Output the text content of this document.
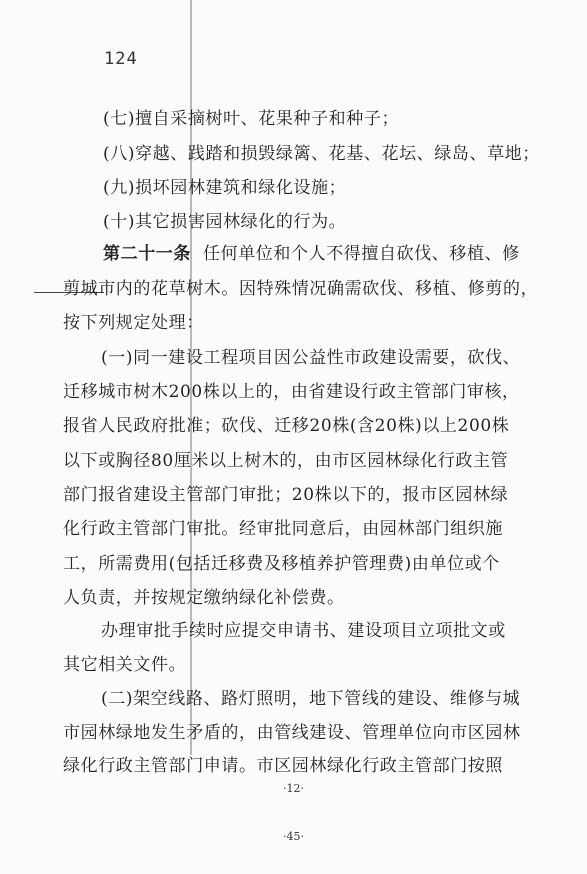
124
(七)擅自采摘树叶、花果种子和种子；
(八)穿越、践踏和损毁绿篱、花基、花坛、绿岛、草地；
(九)损坏园林建筑和绿化设施；
(十)其它损害园林绿化的行为。
第二十一条 任何单位和个人不得擅自砍伐、移植、修
剪城市内的花草树木。因特殊情况确需砍伐、移植、修剪的，
按下列规定处理：
(一)同一建设工程项目因公益性市政建设需要，砍伐、
迁移城市树木200株以上的，由省建设行政主管部门审核，
报省人民政府批准；砍伐、迁移20株(含20株)以上200株
以下或胸径80厘米以上树木的，由市区园林绿化行政主管
部门报省建设主管部门审批；20株以下的，报市区园林绿
化行政主管部门审批。经审批同意后，由园林部门组织施
工，所需费用(包括迁移费及移植养护管理费)由单位或个
人负责，并按规定缴纳绿化补偿费。
办理审批手续时应提交申请书、建设项目立项批文或
其它相关文件。
(二)架空线路、路灯照明，地下管线的建设、维修与城
市园林绿地发生矛盾的，由管线建设、管理单位向市区园林
绿化行政主管部门申请。市区园林绿化行政主管部门按照
·12·
·45·
